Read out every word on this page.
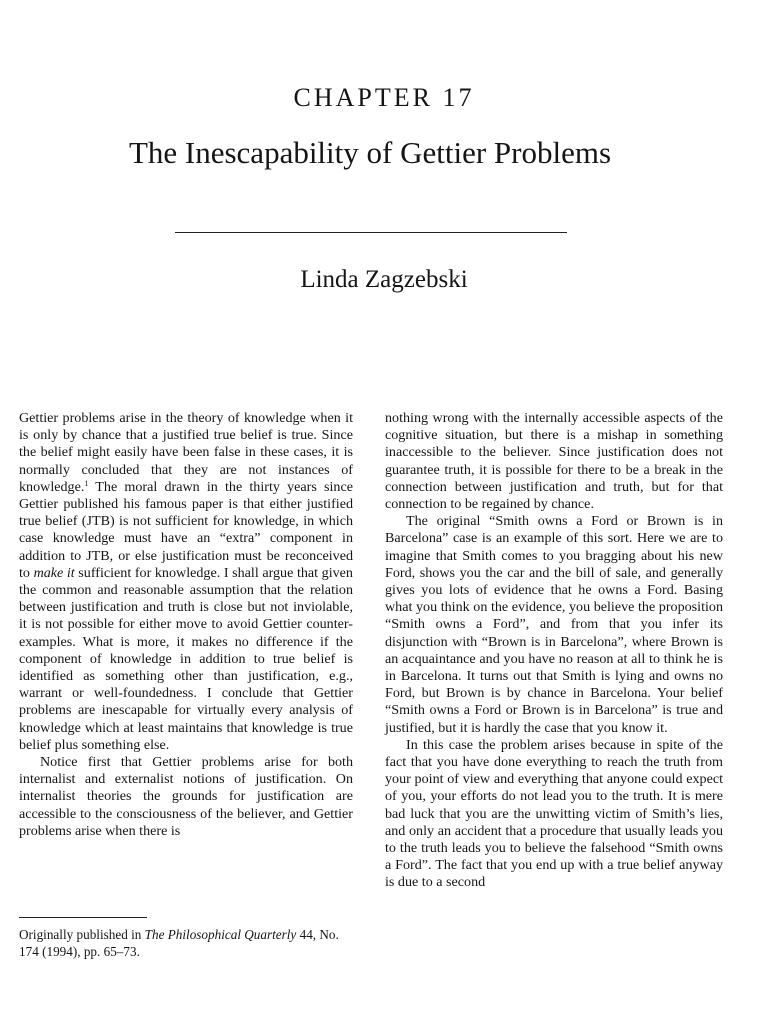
CHAPTER 17
The Inescapability of Gettier Problems
Linda Zagzebski

Gettier problems arise in the theory of knowledge when it is only by chance that a justified true belief is true. Since the belief might easily have been false in these cases, it is normally concluded that they are not instances of knowledge.$^1$ The moral drawn in the thirty years since Gettier published his famous paper is that either justified true belief (JTB) is not sufficient for knowledge, in which case knowledge must have an “extra” component in addition to JTB, or else justification must be reconceived to make it sufficient for knowledge. I shall argue that given the common and reasonable assumption that the relation between justification and truth is close but not inviolable, it is not possible for either move to avoid Gettier counter-examples. What is more, it makes no difference if the component of knowledge in addition to true belief is identified as something other than justification, e.g., warrant or well-foundedness. I conclude that Gettier problems are inescapable for virtually every analysis of knowledge which at least maintains that knowledge is true belief plus something else.

Notice first that Gettier problems arise for both internalist and externalist notions of justification. On internalist theories the grounds for justification are accessible to the consciousness of the believer, and Gettier problems arise when there is

nothing wrong with the internally accessible aspects of the cognitive situation, but there is a mishap in something inaccessible to the believer. Since justification does not guarantee truth, it is possible for there to be a break in the connection between justification and truth, but for that connection to be regained by chance.

The original “Smith owns a Ford or Brown is in Barcelona” case is an example of this sort. Here we are to imagine that Smith comes to you bragging about his new Ford, shows you the car and the bill of sale, and generally gives you lots of evidence that he owns a Ford. Basing what you think on the evidence, you believe the proposition “Smith owns a Ford”, and from that you infer its disjunction with “Brown is in Barcelona”, where Brown is an acquaintance and you have no reason at all to think he is in Barcelona. It turns out that Smith is lying and owns no Ford, but Brown is by chance in Barcelona. Your belief “Smith owns a Ford or Brown is in Barcelona” is true and justified, but it is hardly the case that you know it.

In this case the problem arises because in spite of the fact that you have done everything to reach the truth from your point of view and everything that anyone could expect of you, your efforts do not lead you to the truth. It is mere bad luck that you are the unwitting victim of Smith’s lies, and only an accident that a procedure that usually leads you to the truth leads you to believe the falsehood “Smith owns a Ford”. The fact that you end up with a true belief anyway is due to a second

Originally published in The Philosophical Quarterly 44, No. 174 (1994), pp. 65–73.
